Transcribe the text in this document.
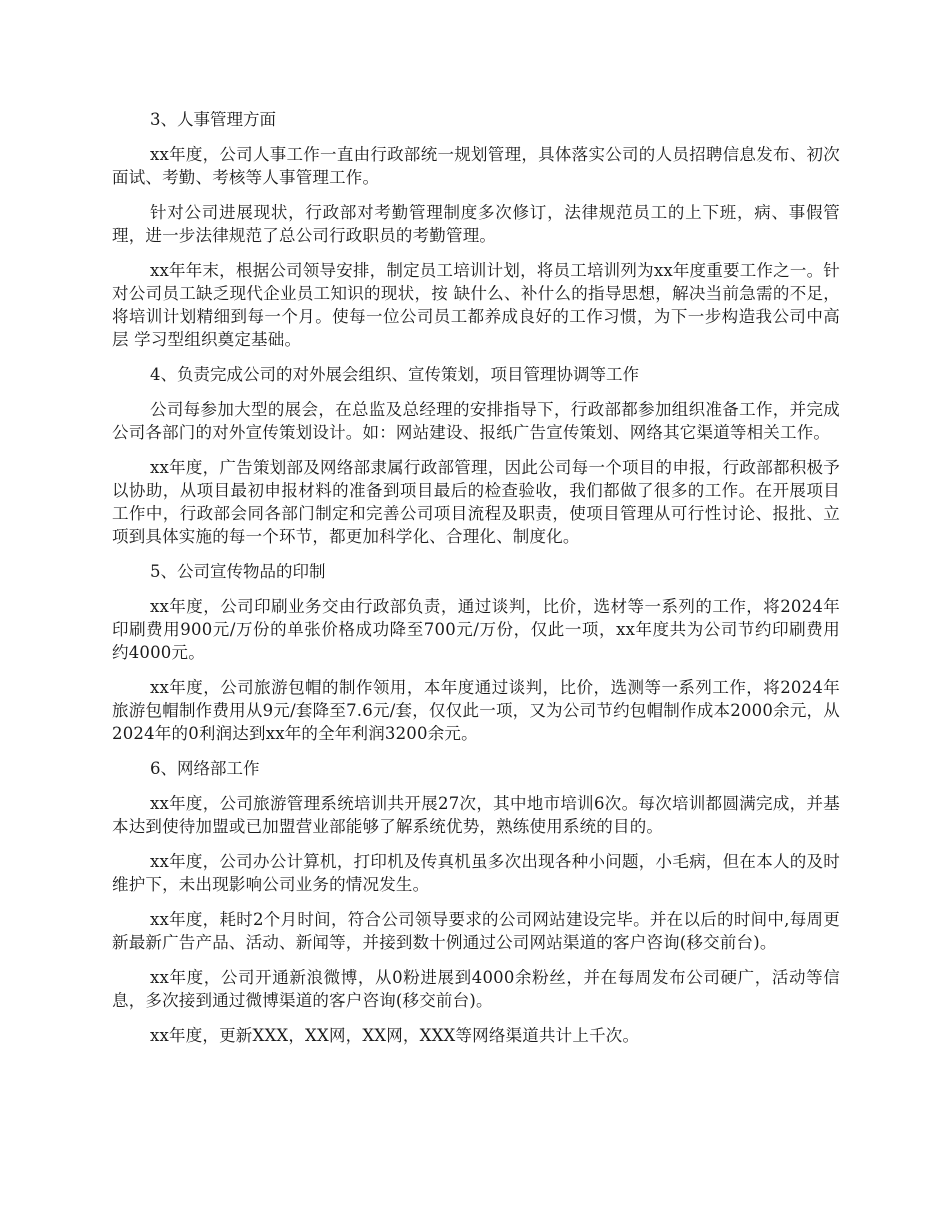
3、人事管理方面

xx年度，公司人事工作一直由行政部统一规划管理，具体落实公司的人员招聘信息发布、初次面试、考勤、考核等人事管理工作。

针对公司进展现状，行政部对考勤管理制度多次修订，法律规范员工的上下班，病、事假管理，进一步法律规范了总公司行政职员的考勤管理。

xx年年末，根据公司领导安排，制定员工培训计划，将员工培训列为xx年度重要工作之一。针对公司员工缺乏现代企业员工知识的现状，按 缺什么、补什么的指导思想，解决当前急需的不足，将培训计划精细到每一个月。使每一位公司员工都养成良好的工作习惯，为下一步构造我公司中高层 学习型组织奠定基础。

4、负责完成公司的对外展会组织、宣传策划，项目管理协调等工作

公司每参加大型的展会，在总监及总经理的安排指导下，行政部都参加组织准备工作，并完成公司各部门的对外宣传策划设计。如：网站建设、报纸广告宣传策划、网络其它渠道等相关工作。

xx年度，广告策划部及网络部隶属行政部管理，因此公司每一个项目的申报，行政部都积极予以协助，从项目最初申报材料的准备到项目最后的检查验收，我们都做了很多的工作。在开展项目工作中，行政部会同各部门制定和完善公司项目流程及职责，使项目管理从可行性讨论、报批、立项到具体实施的每一个环节，都更加科学化、合理化、制度化。

5、公司宣传物品的印制

xx年度，公司印刷业务交由行政部负责，通过谈判，比价，选材等一系列的工作，将2024年印刷费用900元/万份的单张价格成功降至700元/万份，仅此一项，xx年度共为公司节约印刷费用约4000元。

xx年度，公司旅游包帽的制作领用，本年度通过谈判，比价，选测等一系列工作，将2024年旅游包帽制作费用从9元/套降至7.6元/套，仅仅此一项，又为公司节约包帽制作成本2000余元，从2024年的0利润达到xx年的全年利润3200余元。

6、网络部工作

xx年度，公司旅游管理系统培训共开展27次，其中地市培训6次。每次培训都圆满完成，并基本达到使待加盟或已加盟营业部能够了解系统优势，熟练使用系统的目的。

xx年度，公司办公计算机，打印机及传真机虽多次出现各种小问题，小毛病，但在本人的及时维护下，未出现影响公司业务的情况发生。

xx年度，耗时2个月时间，符合公司领导要求的公司网站建设完毕。并在以后的时间中,每周更新最新广告产品、活动、新闻等，并接到数十例通过公司网站渠道的客户咨询(移交前台)。

xx年度，公司开通新浪微博，从0粉进展到4000余粉丝，并在每周发布公司硬广，活动等信息，多次接到通过微博渠道的客户咨询(移交前台)。

xx年度，更新XXX，XX网，XX网，XXX等网络渠道共计上千次。
